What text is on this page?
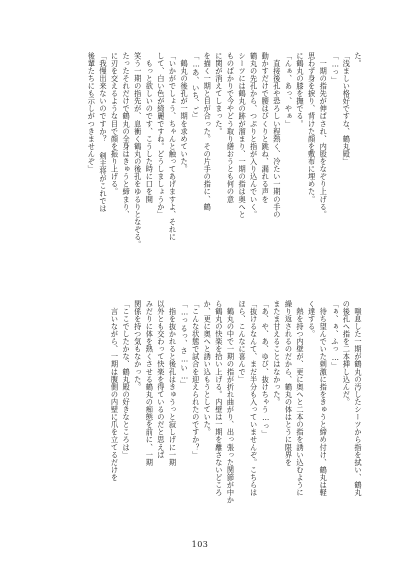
た。
「浅ましい格好ですな、鶴丸殿」
「…っ」
　一期の指先が伸ばされ、内股をなぞり上げる。
思わず身を捩り、背けた顔を敷布に埋めた。
に鶴丸の膝を撫でる。
「んぁ、あっ、やぁ」
　直接後孔や恐ろしい程熱く、冷たい一期の手の
動かすだけで腰はびくりと跳ね、漏れる声を
鶴丸の先孔から、つぷりと指が入り込んでいく。
シーツには鶴丸の跡が溜まり、一期の指は奥へと
ものばかりで今やどう取り繕おうとも何の意
に関が消えてしまった。
を描く一期と目が合った。その片手の指に、鶴
「…あ、いち、ご」
　鶴丸の後孔が一期を求めていた。
「いかがでしょう、ちゃんと触ってあげますよ、それに
して、白い色が綺麗ですね。どうしましょうか」
　もっと欲しいのです、こうした時に口を開
笑う一期の指先が、息衝く鶴丸の後孔をゆるりとなぞる。
たったそれだけで鶴丸の全身はきゅうと締まり、
に刃を交えるような目で顔を振り上げる。
「我慢出来ないのですか？ 剣主将がこれでは
後輩たちにも示しがつきませんぞ」
　嗤息した一期が鶴丸の汚したシーツから指を拭い、鶴丸
の後孔へ指を二本挿し込んだ。
「ぁ、ぁ、ふっ…」
　待ち望んでいた刺激に指をきゅうと締め付け、鶴丸は軽
く達する。
　熱を持つ内壁が、更に奥へと二本の指を誘い込むように
繰り返されるのだから、鶴丸の体はとうに限界を
またま甘えることはなかった。
「あ、や、あ、ゆび、抜けちゃう…っ」
「抜けるなんて、まだ半分も入っていませんぞ。こちらは
ほら、こんなに喜んで」
　鶴丸の中で一期の指が折れ曲がり、出っ張った関節が中か
ら鶴丸の快楽を拾い上げる。内壁は一期を離さないどころ
か、更に奥へと誘い込もうとしていた。
「こんな状態で試合を迎えられたのですか？」
「…っるっ、さ…い…」
　指を抜かれると後孔はきゅうっと寂しげに一期
以外とも交わって快楽を得ているのだと思えば
みだりに体を熱くさせる鶴丸の痴態を前に、一期
関係を持つ気もなかった。
「ここでしたかな、鶴丸殿の好きなところは」
　言いながら、一期は腹側の内壁に爪を立てるだけを
103
